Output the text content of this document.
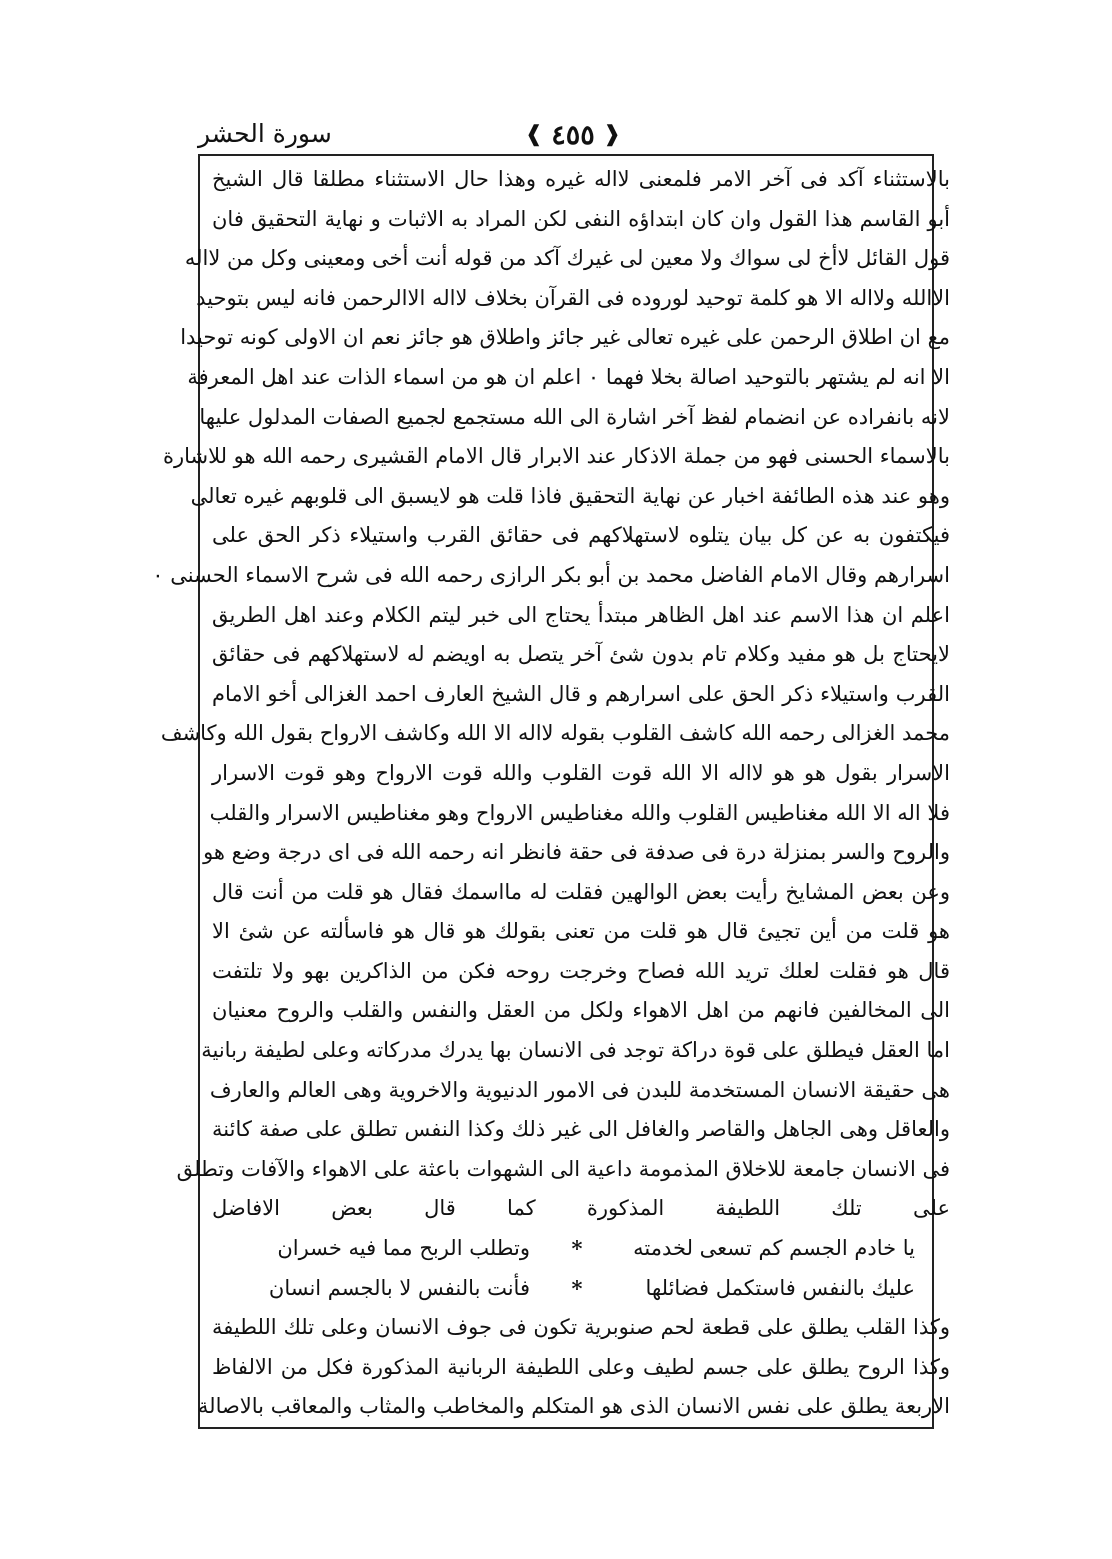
سورة الحشر	❰ ٤٥٥ ❱
بالاستثناء آكد فى آخر الامر فلمعنى لااله غيره وهذا حال الاستثناء مطلقا قال الشيخ
أبو القاسم هذا القول وان كان ابتداؤه النفى لكن المراد به الاثبات و نهاية التحقيق فان
قول القائل لاأخ لى سواك ولا معين لى غيرك آكد من قوله أنت أخى ومعينى وكل من لااله
الاالله ولااله الا هو كلمة توحيد لوروده فى القرآن بخلاف لااله الاالرحمن فانه ليس بتوحيد
مع ان اطلاق الرحمن على غيره تعالى غير جائز واطلاق هو جائز نعم ان الاولى كونه توحيدا
الا انه لم يشتهر بالتوحيد اصالة بخلا فهما ٠ اعلم ان هو من اسماء الذات عند اهل المعرفة
لانه بانفراده عن انضمام لفظ آخر اشارة الى الله مستجمع لجميع الصفات المدلول عليها
بالاسماء الحسنى فهو من جملة الاذكار عند الابرار قال الامام القشيرى رحمه الله هو للاشارة
وهو عند هذه الطائفة اخبار عن نهاية التحقيق فاذا قلت هو لايسبق الى قلوبهم غيره تعالى
فيكتفون به عن كل بيان يتلوه لاستهلاكهم فى حقائق القرب واستيلاء ذكر الحق على
اسرارهم وقال الامام الفاضل محمد بن أبو بكر الرازى رحمه الله فى شرح الاسماء الحسنى ٠
اعلم ان هذا الاسم عند اهل الظاهر مبتدأ يحتاج الى خبر ليتم الكلام وعند اهل الطريق
لايحتاج بل هو مفيد وكلام تام بدون شئ آخر يتصل به اويضم له لاستهلاكهم فى حقائق
القرب واستيلاء ذكر الحق على اسرارهم و قال الشيخ العارف احمد الغزالى أخو الامام
محمد الغزالى رحمه الله كاشف القلوب بقوله لااله الا الله وكاشف الارواح بقول الله وكاشف
الاسرار بقول هو هو لااله الا الله قوت القلوب والله قوت الارواح وهو قوت الاسرار
فلا اله الا الله مغناطيس القلوب والله مغناطيس الارواح وهو مغناطيس الاسرار والقلب
والروح والسر بمنزلة درة فى صدفة فى حقة فانظر انه رحمه الله فى اى درجة وضع هو
وعن بعض المشايخ رأيت بعض الوالهين فقلت له مااسمك فقال هو قلت من أنت قال
هو قلت من أين تجيئ قال هو قلت من تعنى بقولك هو قال هو فاسألته عن شئ الا
قال هو فقلت لعلك تريد الله فصاح وخرجت روحه فكن من الذاكرين بهو ولا تلتفت
الى المخالفين فانهم من اهل الاهواء ولكل من العقل والنفس والقلب والروح معنيان
اما العقل فيطلق على قوة دراكة توجد فى الانسان بها يدرك مدركاته وعلى لطيفة ربانية
هى حقيقة الانسان المستخدمة للبدن فى الامور الدنيوية والاخروية وهى العالم والعارف
والعاقل وهى الجاهل والقاصر والغافل الى غير ذلك وكذا النفس تطلق على صفة كائنة
فى الانسان جامعة للاخلاق المذمومة داعية الى الشهوات باعثة على الاهواء والآفات وتطلق
على تلك اللطيفة المذكورة كما قال بعض الافاضل
يا خادم الجسم كم تسعى لخدمته
*
وتطلب الربح مما فيه خسران
عليك بالنفس فاستكمل فضائلها
*
فأنت بالنفس لا بالجسم انسان
وكذا القلب يطلق على قطعة لحم صنوبرية تكون فى جوف الانسان وعلى تلك اللطيفة
وكذا الروح يطلق على جسم لطيف وعلى اللطيفة الربانية المذكورة فكل من الالفاظ
الاربعة يطلق على نفس الانسان الذى هو المتكلم والمخاطب والمثاب والمعاقب بالاصالة
